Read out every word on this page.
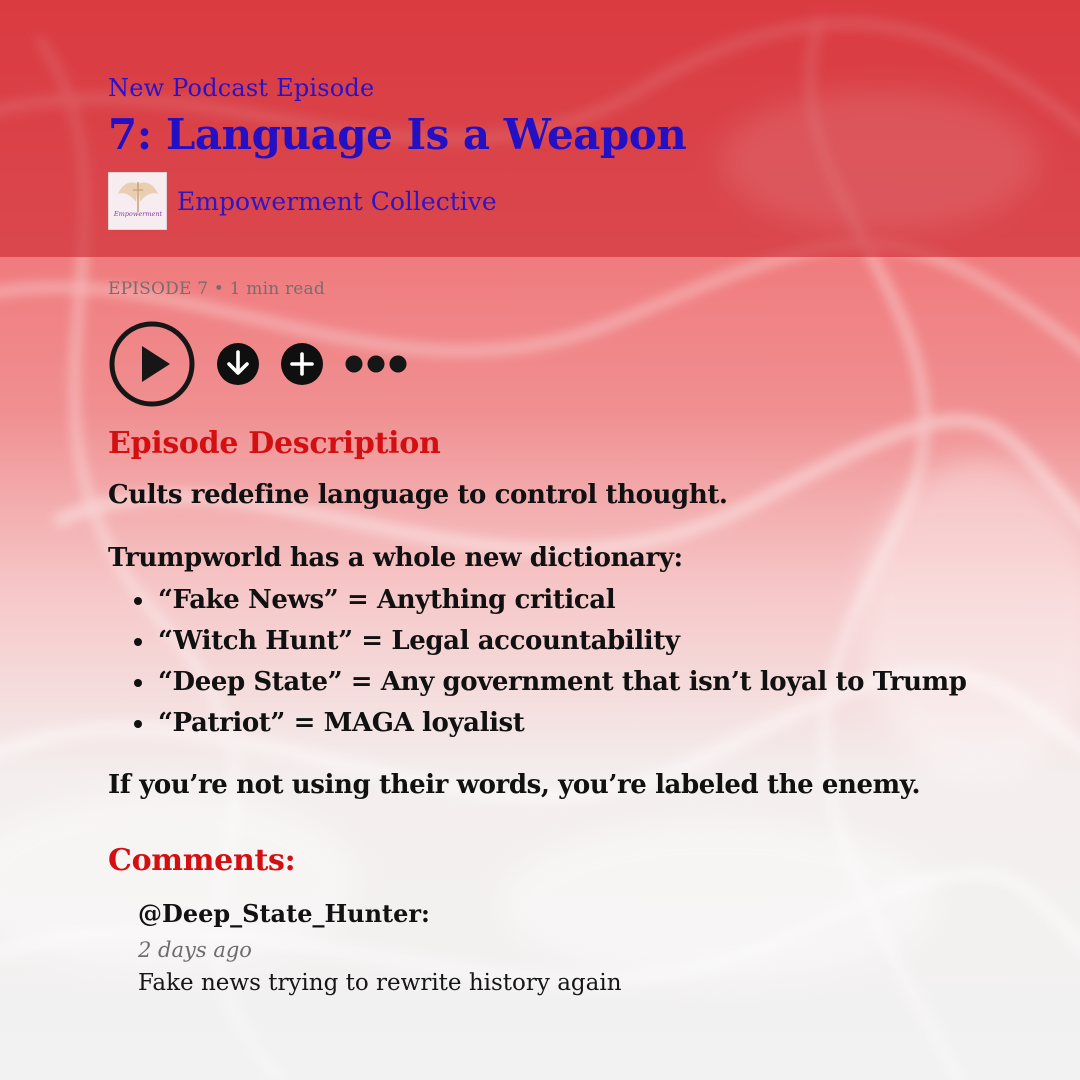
New Podcast Episode
7: Language Is a Weapon
Empowerment Empowerment Collective
EPISODE 7 • 1 min read
Episode Description
Cults redefine language to control thought.
Trumpworld has a whole new dictionary:
“Fake News” = Anything critical
“Witch Hunt” = Legal accountability
“Deep State” = Any government that isn’t loyal to Trump
“Patriot” = MAGA loyalist
If you’re not using their words, you’re labeled the enemy.
Comments:
@Deep_State_Hunter:
2 days ago
Fake news trying to rewrite history again
